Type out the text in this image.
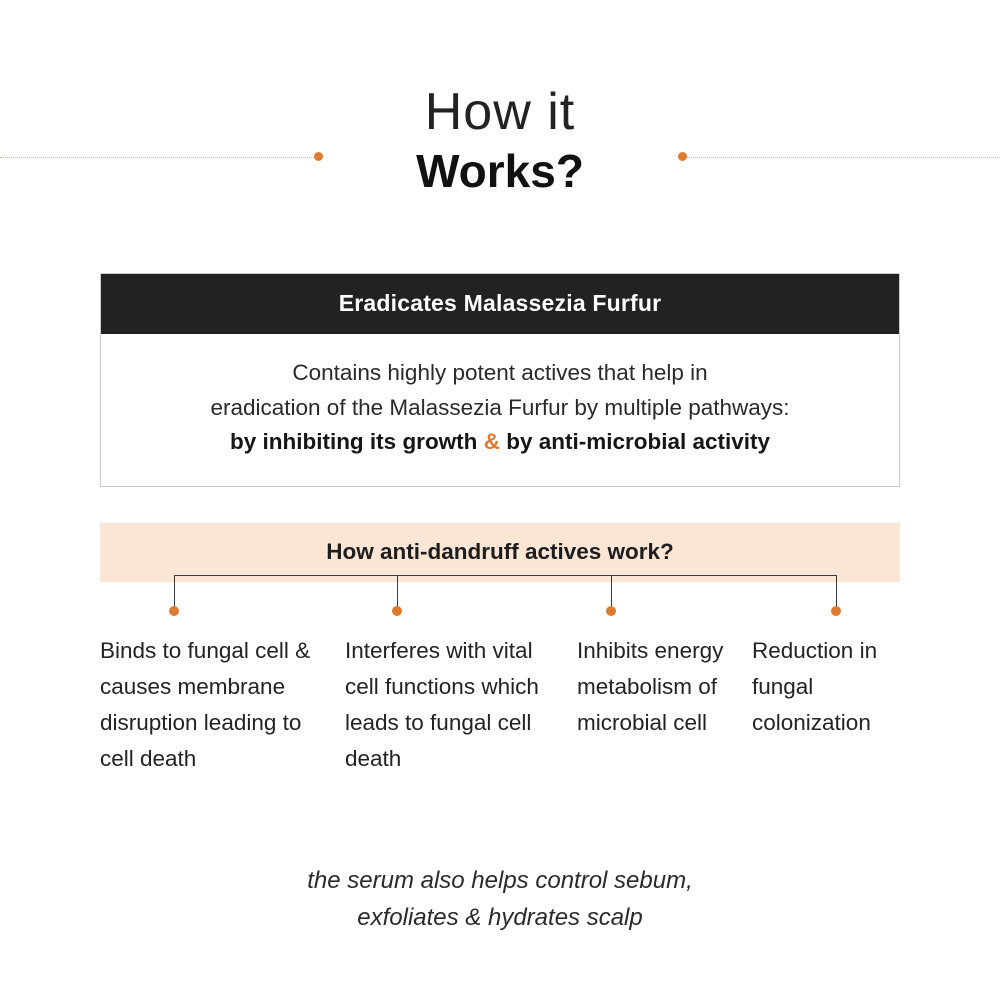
How it
Works?
Eradicates Malassezia Furfur
Contains highly potent actives that help in
eradication of the Malassezia Furfur by multiple pathways:
by inhibiting its growth & by anti-microbial activity
How anti-dandruff actives work?
Binds to fungal cell & causes membrane disruption leading to cell death
Interferes with vital cell functions which leads to fungal cell death
Inhibits energy metabolism of microbial cell
Reduction in fungal colonization
the serum also helps control sebum,
exfoliates & hydrates scalp
